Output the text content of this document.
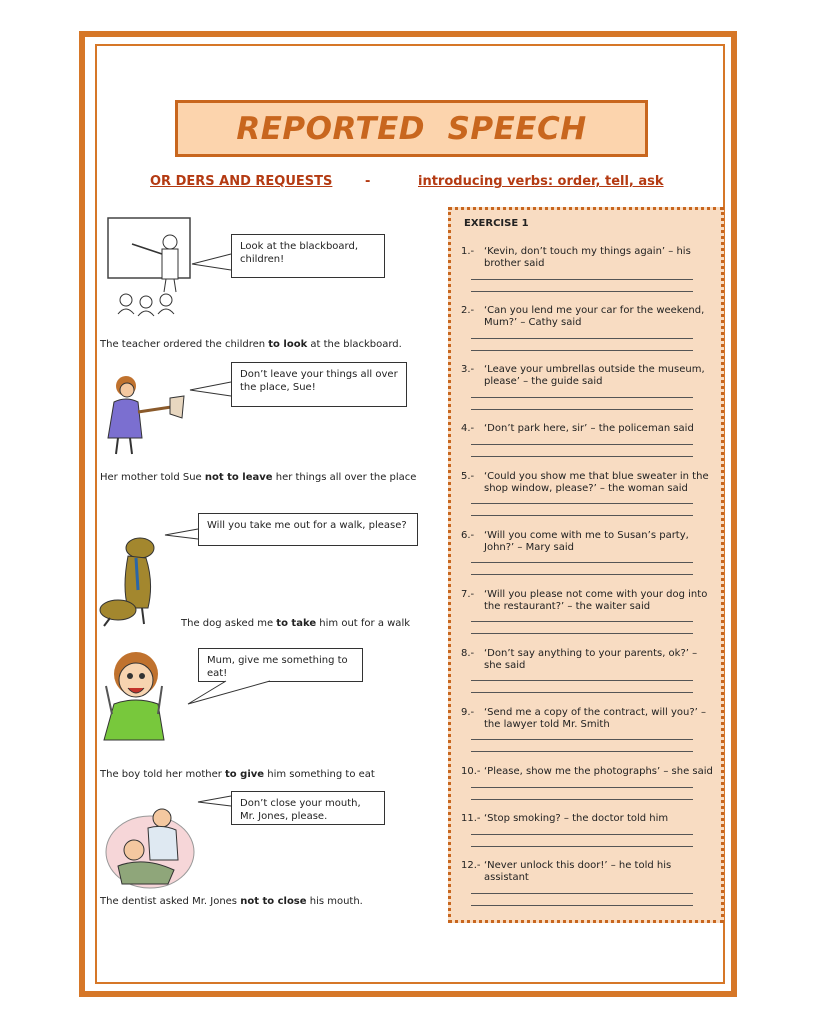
REPORTED  SPEECH
OR DERS AND REQUESTS	-	introducing verbs: order, tell, ask
Look at the blackboard, children!
The teacher ordered the children to look at the blackboard.
Don’t leave your things all over the place, Sue!
Her mother told Sue not to leave her things all over the place
Will you take me out for a walk, please?
The dog asked me to take him out for a walk
Mum, give me something to eat!
The boy told her mother to give him something to eat
Don’t close your mouth, Mr. Jones, please.
The dentist asked Mr. Jones not to close his mouth.
EXERCISE 1
1.- ‘Kevin, don’t touch my things again’ – his brother said
2.- ‘Can you lend me your car for the weekend, Mum?’ – Cathy said
3.- ‘Leave your umbrellas outside the museum, please’ – the guide said
4.- ‘Don’t park here, sir’ – the policeman said
5.- ‘Could you show me that blue sweater in the shop window, please?’ – the woman said
6.- ‘Will you come with me to Susan’s party, John?’ – Mary said
7.- ‘Will you please not come with your dog into the restaurant?’ – the waiter said
8.- ‘Don’t say anything to your parents, ok?’ – she said
9.- ‘Send me a copy of the contract, will you?’ – the lawyer told Mr. Smith
10.- ‘Please, show me the photographs’ – she said
11.- ‘Stop smoking? – the doctor told him
12.- ‘Never unlock this door!’ – he told his assistant
